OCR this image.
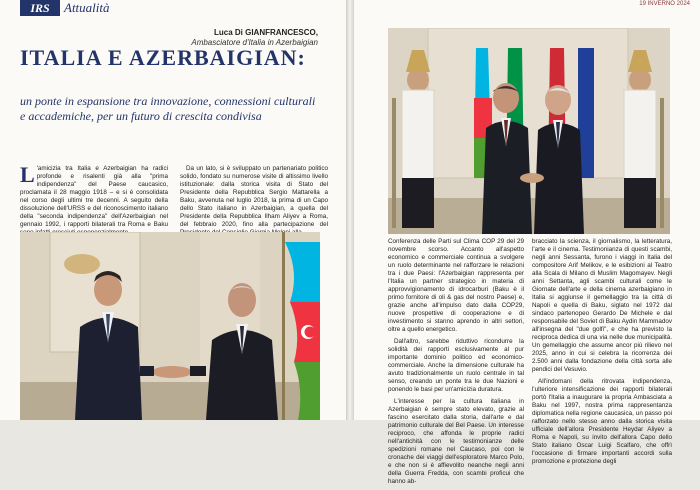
IRS	Attualità
Luca Di GIANFRANCESCO,
Ambasciatore d'Italia in Azerbaigian
ITALIA E AZERBAIGIAN:
un ponte in espansione tra innovazione, connessioni culturali e accademiche, per un futuro di crescita condivisa
L 'amicizia tra Italia e Azerbaigian ha radici profonde e risalenti già alla "prima indipendenza" del Paese caucasico, proclamata il 28 maggio 1918 – e si è consolidata nel corso degli ultimi tre decenni. A seguito della dissoluzione dell'URSS e del riconoscimento italiano della "seconda indipendenza" dell'Azerbaigian nel gennaio 1992, i rapporti bilaterali tra Roma e Baku

Da un lato, si è sviluppato un partenariato politico solido, fondato su numerose visite di altissimo livello istituzionale: dalla storica visita di Stato del Presidente della Repubblica Sergio Mattarella a Baku, avvenuta nel luglio 2018, la prima di un Capo dello Stato italiano in Azerbaigian, a quella del Presidente della Repubblica Ilham Aliyev a Roma, del febbraio 2020, fino alla partecipazione del

19 INVERNO 2024

Conferenza delle Parti sul Clima COP 29 del 29 novembre scorso. Accanto all'aspetto economico e commerciale continua a svolgere un ruolo determinante nel rafforzare le relazioni tra i due Paesi: l'Azerbaigian rappresenta per l'Italia un partner strategico in materia di approvvigionamento di idrocarburi (Baku è il primo fornitore di oli & gas del nostro Paese) e, grazie anche all'impulso dato dalla COP29, nuove prospettive di cooperazione e di investimento si stanno aprendo in altri settori, oltre a quello energetico.

Dall'altro, sarebbe riduttivo ricondurre la solidità dei rapporti esclusivamente al pur importante dominio politico ed economico-commerciale. Anche la dimensione culturale ha avuto tradizionalmente un ruolo centrale in tal senso, creando un ponte tra le due Nazioni e ponendo le basi per un'amicizia duratura.

L'interesse per la cultura italiana in Azerbaigian è sempre stato elevato, grazie al fascino esercitato dalla storia, dall'arte e dal patrimonio culturale del Bel Paese. Un interesse reciproco, che affonda le proprie radici nell'antichità con le testimonianze delle spedizioni romane nel Caucaso, poi con le cronache dei viaggi dell'esploratore Marco Polo, e che non si è affievolito neanche negli anni della Guerra Fredda, con scambi proficui che hanno ab-

bracciato la scienza, il giornalismo, la letteratura, l'arte e il cinema. Testimonianza di questi scambi, negli anni Sessanta, furono i viaggi in Italia del compositore Arif Melikov, e le esibizioni al Teatro alla Scala di Milano di Muslim Magomayev. Negli anni Settanta, agli scambi culturali come le Giornate dell'arte e della cinema azerbaigiano in Italia si aggiunse il gemellaggio tra la città di Napoli e quella di Baku, siglato nel 1972 dal sindaco partenopeo Gerardo De Michele e dal responsabile del Soviet di Baku Aydin Mammadov all'insegna del "due golfi", e che ha previsto la reciproca dedica di una via nelle due municipalità. Un gemellaggio che assume ancor più rilievo nel 2025, anno in cui si celebra la ricorrenza dei 2.500 anni dalla fondazione della città sorta alle pendici del Vesuvio.

All'indomani della ritrovata indipendenza, l'ulteriore intensificazione dei rapporti bilaterali portò l'Italia a inaugurare la propria Ambasciata a Baku nel 1997, nostra prima rappresentanza diplomatica nella regione caucasica, un passo poi rafforzato nello stesso anno dalla storica visita ufficiale dell'allora Presidente Heydar Aliyev a Roma e Napoli, su invito dell'allora Capo dello Stato italiano Oscar Luigi Scalfaro, che offrì l'occasione di firmare importanti accordi sulla promozione e protezione degli
